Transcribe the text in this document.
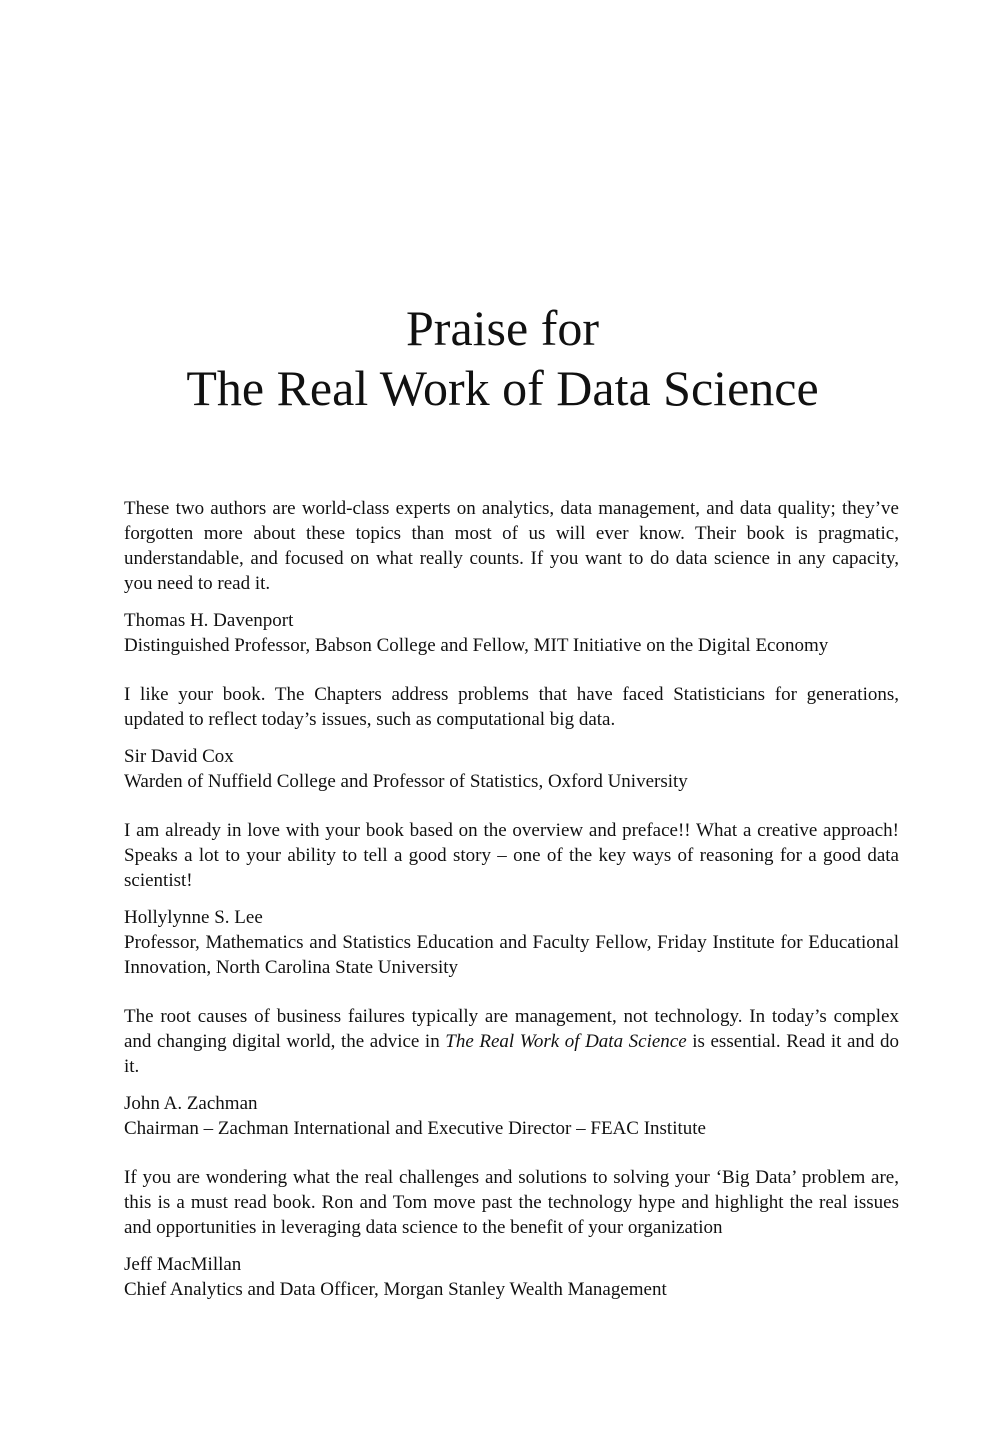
Praise for
The Real Work of Data Science

These two authors are world-class experts on analytics, data management, and data quality; they’ve forgotten more about these topics than most of us will ever know. Their book is pragmatic, understandable, and focused on what really counts. If you want to do data science in any capacity, you need to read it.

Thomas H. Davenport

Distinguished Professor, Babson College and Fellow, MIT Initiative on the Digital Economy

I like your book. The Chapters address problems that have faced Statisticians for generations, updated to reflect today’s issues, such as computational big data.

Sir David Cox

Warden of Nuffield College and Professor of Statistics, Oxford University

I am already in love with your book based on the overview and preface!! What a creative approach! Speaks a lot to your ability to tell a good story – one of the key ways of reasoning for a good data scientist!

Hollylynne S. Lee

Professor, Mathematics and Statistics Education and Faculty Fellow, Friday Institute for Educational Innovation, North Carolina State University

The root causes of business failures typically are management, not technology. In today’s complex and changing digital world, the advice in The Real Work of Data Science is essential. Read it and do it.

John A. Zachman

Chairman – Zachman International and Executive Director – FEAC Institute

If you are wondering what the real challenges and solutions to solving your ‘Big Data’ problem are, this is a must read book. Ron and Tom move past the technology hype and highlight the real issues and opportunities in leveraging data science to the benefit of your organization

Jeff MacMillan

Chief Analytics and Data Officer, Morgan Stanley Wealth Management
